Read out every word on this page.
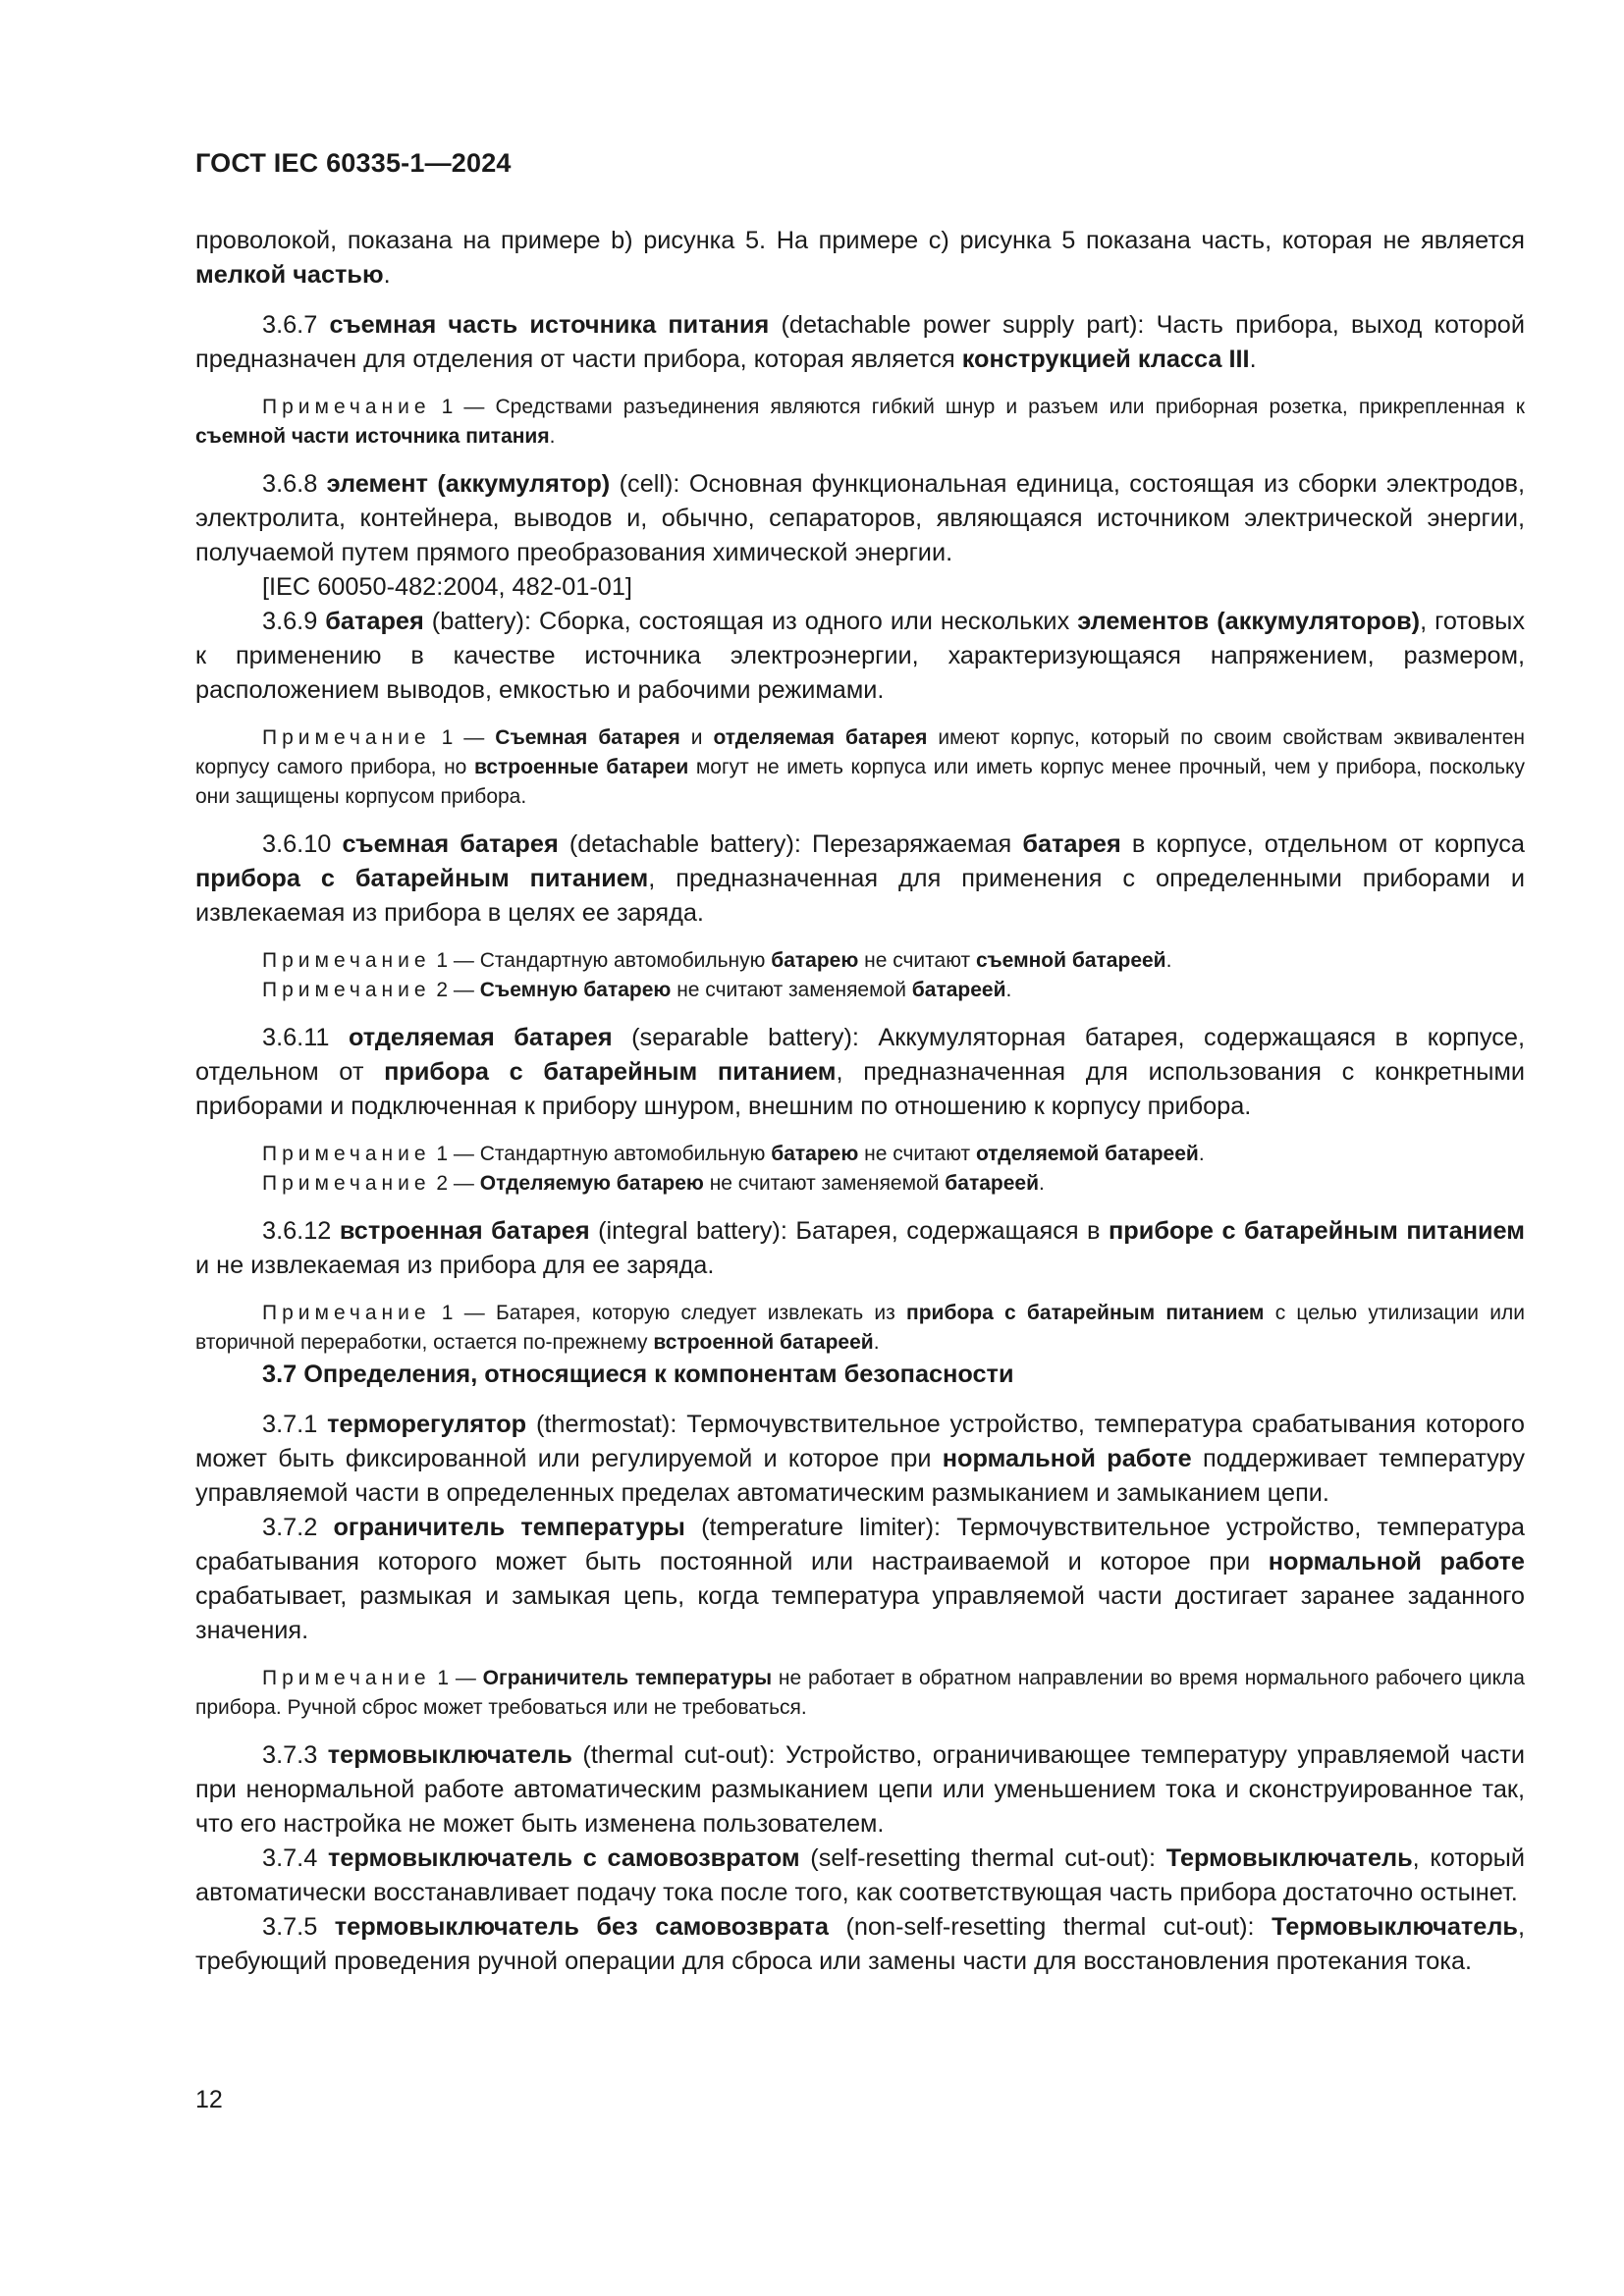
ГОСТ IEC 60335-1—2024

проволокой, показана на примере b) рисунка 5. На примере c) рисунка 5 показана часть, которая не является мелкой частью.

3.6.7 съемная часть источника питания (detachable power supply part): Часть прибора, выход которой предназначен для отделения от части прибора, которая является конструкцией класса III.

Примечание 1 — Средствами разъединения являются гибкий шнур и разъем или приборная розетка, прикрепленная к съемной части источника питания.

3.6.8 элемент (аккумулятор) (cell): Основная функциональная единица, состоящая из сборки электродов, электролита, контейнера, выводов и, обычно, сепараторов, являющаяся источником электрической энергии, получаемой путем прямого преобразования химической энергии.

[IEC 60050-482:2004, 482-01-01]

3.6.9 батарея (battery): Сборка, состоящая из одного или нескольких элементов (аккумуляторов), готовых к применению в качестве источника электроэнергии, характеризующаяся напряжением, размером, расположением выводов, емкостью и рабочими режимами.

Примечание 1 — Съемная батарея и отделяемая батарея имеют корпус, который по своим свойствам эквивалентен корпусу самого прибора, но встроенные батареи могут не иметь корпуса или иметь корпус менее прочный, чем у прибора, поскольку они защищены корпусом прибора.

3.6.10 съемная батарея (detachable battery): Перезаряжаемая батарея в корпусе, отдельном от корпуса прибора с батарейным питанием, предназначенная для применения с определенными приборами и извлекаемая из прибора в целях ее заряда.

Примечание 1 — Стандартную автомобильную батарею не считают съемной батареей.

Примечание 2 — Съемную батарею не считают заменяемой батареей.

3.6.11 отделяемая батарея (separable battery): Аккумуляторная батарея, содержащаяся в корпусе, отдельном от прибора с батарейным питанием, предназначенная для использования с конкретными приборами и подключенная к прибору шнуром, внешним по отношению к корпусу прибора.

Примечание 1 — Стандартную автомобильную батарею не считают отделяемой батареей.

Примечание 2 — Отделяемую батарею не считают заменяемой батареей.

3.6.12 встроенная батарея (integral battery): Батарея, содержащаяся в приборе с батарейным питанием и не извлекаемая из прибора для ее заряда.

Примечание 1 — Батарея, которую следует извлекать из прибора с батарейным питанием с целью утилизации или вторичной переработки, остается по-прежнему встроенной батареей.

3.7 Определения, относящиеся к компонентам безопасности

3.7.1 терморегулятор (thermostat): Термочувствительное устройство, температура срабатывания которого может быть фиксированной или регулируемой и которое при нормальной работе поддерживает температуру управляемой части в определенных пределах автоматическим размыканием и замыканием цепи.

3.7.2 ограничитель температуры (temperature limiter): Термочувствительное устройство, температура срабатывания которого может быть постоянной или настраиваемой и которое при нормальной работе срабатывает, размыкая и замыкая цепь, когда температура управляемой части достигает заранее заданного значения.

Примечание 1 — Ограничитель температуры не работает в обратном направлении во время нормального рабочего цикла прибора. Ручной сброс может требоваться или не требоваться.

3.7.3 термовыключатель (thermal cut-out): Устройство, ограничивающее температуру управляемой части при ненормальной работе автоматическим размыканием цепи или уменьшением тока и сконструированное так, что его настройка не может быть изменена пользователем.

3.7.4 термовыключатель с самовозвратом (self-resetting thermal cut-out): Термовыключатель, который автоматически восстанавливает подачу тока после того, как соответствующая часть прибора достаточно остынет.

3.7.5 термовыключатель без самовозврата (non-self-resetting thermal cut-out): Термовыключатель, требующий проведения ручной операции для сброса или замены части для восстановления протекания тока.

12
